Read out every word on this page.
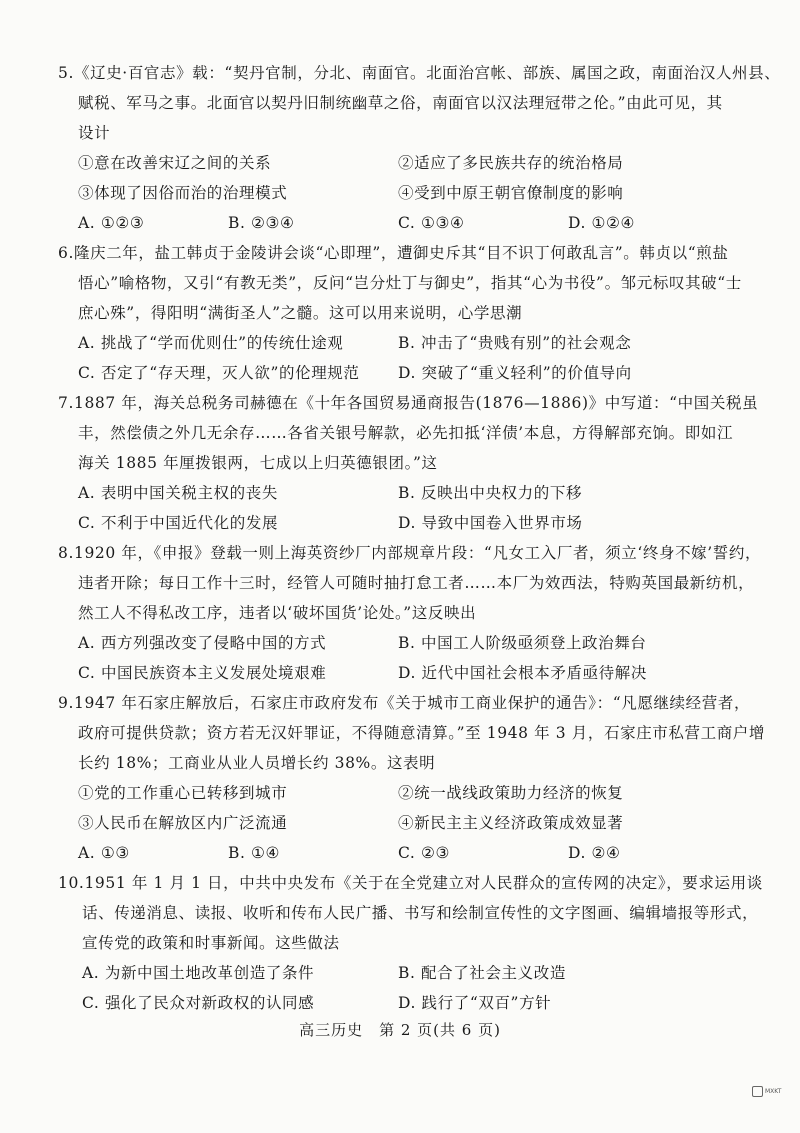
5.《辽史·百官志》载：“契丹官制，分北、南面官。北面治宫帐、部族、属国之政，南面治汉人州县、
赋税、军马之事。北面官以契丹旧制统幽草之俗，南面官以汉法理冠带之伦。”由此可见，其
设计
①意在改善宋辽之间的关系	②适应了多民族共存的统治格局
③体现了因俗而治的治理模式	④受到中原王朝官僚制度的影响
A. ①②③	B. ②③④	C. ①③④	D. ①②④
6.隆庆二年，盐工韩贞于金陵讲会谈“心即理”，遭御史斥其“目不识丁何敢乱言”。韩贞以“煎盐
悟心”喻格物，又引“有教无类”，反问“岂分灶丁与御史”，指其“心为书役”。邹元标叹其破“士
庶心殊”，得阳明“满街圣人”之髓。这可以用来说明，心学思潮
A. 挑战了“学而优则仕”的传统仕途观	B. 冲击了“贵贱有别”的社会观念
C. 否定了“存天理，灭人欲”的伦理规范 D. 突破了“重义轻利”的价值导向
7.1887 年，海关总税务司赫德在《十年各国贸易通商报告(1876—1886)》中写道：“中国关税虽
丰，然偿债之外几无余存……各省关银号解款，必先扣抵‘洋债’本息，方得解部充饷。即如江
海关 1885 年厘拨银两，七成以上归英德银团。”这
A. 表明中国关税主权的丧失	B. 反映出中央权力的下移
C. 不利于中国近代化的发展	D. 导致中国卷入世界市场
8.1920 年，《申报》登载一则上海英资纱厂内部规章片段：“凡女工入厂者，须立‘终身不嫁’誓约，
违者开除；每日工作十三时，经管人可随时抽打怠工者……本厂为效西法，特购英国最新纺机，
然工人不得私改工序，违者以‘破坏国货’论处。”这反映出
A. 西方列强改变了侵略中国的方式	B. 中国工人阶级亟须登上政治舞台
C. 中国民族资本主义发展处境艰难	D. 近代中国社会根本矛盾亟待解决
9.1947 年石家庄解放后，石家庄市政府发布《关于城市工商业保护的通告》：“凡愿继续经营者，
政府可提供贷款；资方若无汉奸罪证，不得随意清算。”至 1948 年 3 月，石家庄市私营工商户增
长约 18%；工商业从业人员增长约 38%。这表明
①党的工作重心已转移到城市	②统一战线政策助力经济的恢复
③人民币在解放区内广泛流通	④新民主主义经济政策成效显著
A. ①③	B. ①④	C. ②③	D. ②④
10.1951 年 1 月 1 日，中共中央发布《关于在全党建立对人民群众的宣传网的决定》，要求运用谈
话、传递消息、读报、收听和传布人民广播、书写和绘制宣传性的文字图画、编辑墙报等形式，
宣传党的政策和时事新闻。这些做法
A. 为新中国土地改革创造了条件	B. 配合了社会主义改造
C. 强化了民众对新政权的认同感	D. 践行了“双百”方针
高三历史　第 2 页(共 6 页)
MXKT
